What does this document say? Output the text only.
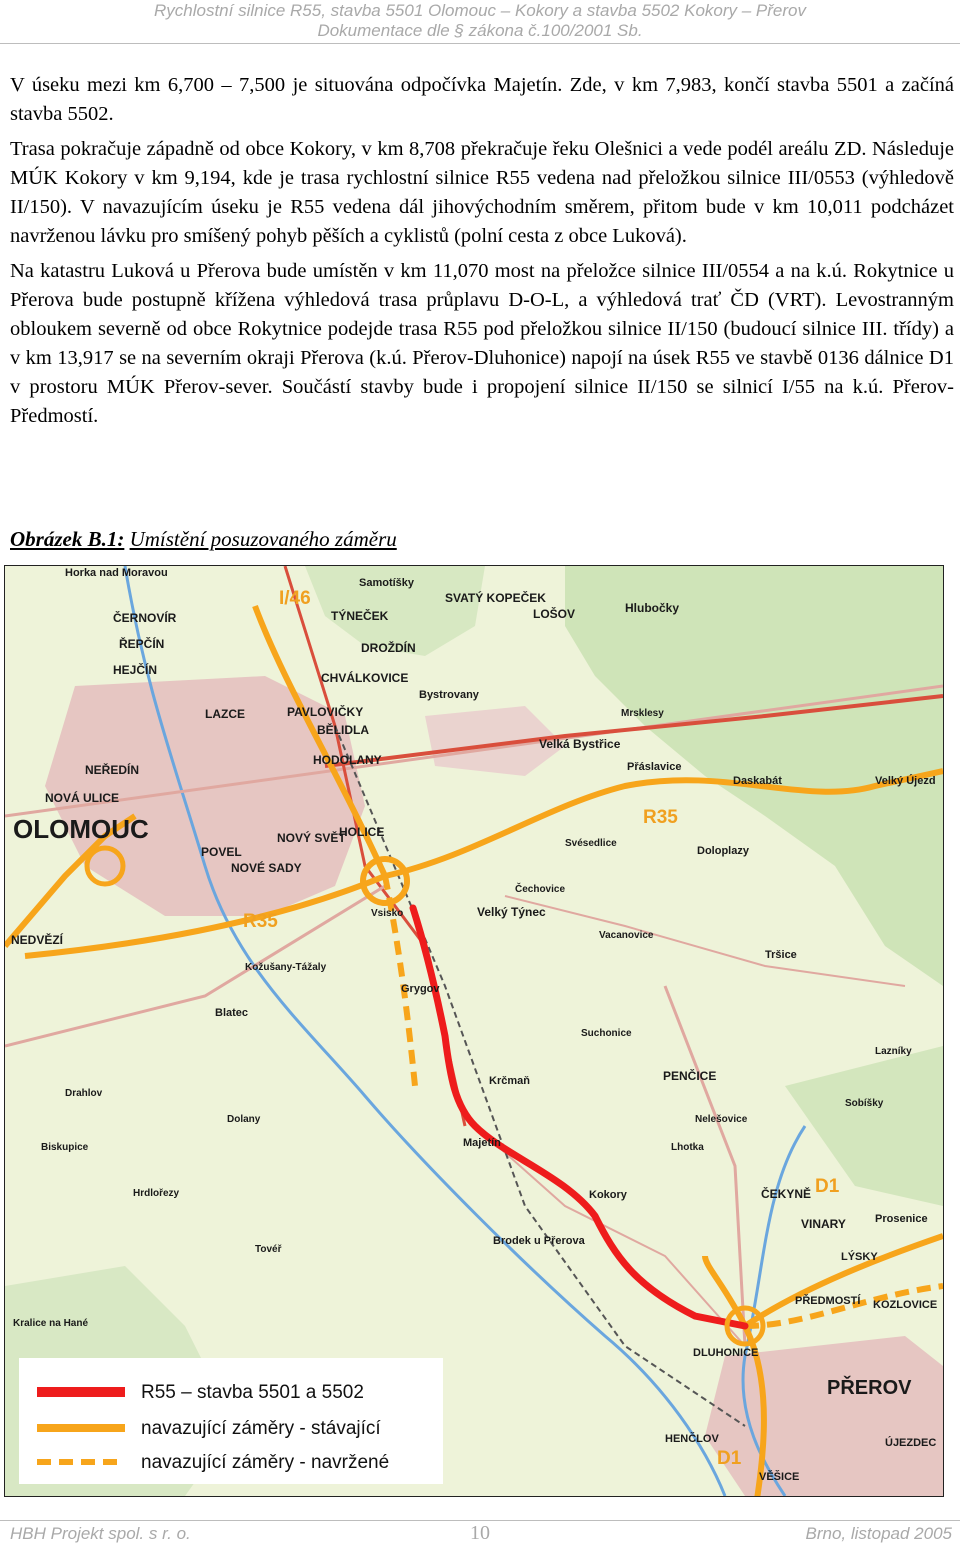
Rychlostní silnice R55, stavba 5501 Olomouc – Kokory a stavba 5502 Kokory – Přerov
Dokumentace dle § zákona č.100/2001 Sb.

V úseku mezi km 6,700 – 7,500 je situována odpočívka Majetín. Zde, v km 7,983, končí stavba 5501 a začíná stavba 5502.

Trasa pokračuje západně od obce Kokory, v km 8,708 překračuje řeku Olešnici a vede podél areálu ZD. Následuje MÚK Kokory v km 9,194, kde je trasa rychlostní silnice R55 vedena nad přeložkou silnice III/0553 (výhledově II/150). V navazujícím úseku je R55 vedena dál jihovýchodním směrem, přitom bude v km 10,011 podcházet navrženou lávku pro smíšený pohyb pěších a cyklistů (polní cesta z obce Luková).

Na katastru Luková u Přerova bude umístěn v km 11,070 most na přeložce silnice III/0554 a na k.ú. Rokytnice u Přerova bude postupně křížena výhledová trasa průplavu D-O-L, a výhledová trať ČD (VRT). Levostranným obloukem severně od obce Rokytnice podejde trasa R55 pod přeložkou silnice II/150 (budoucí silnice III. třídy) a v km 13,917 se na severním okraji Přerova (k.ú. Přerov-Dluhonice) napojí na úsek R55 ve stavbě 0136 dálnice D1 v prostoru MÚK Přerov-sever. Součástí stavby bude i propojení silnice II/150 se silnicí I/55 na k.ú. Přerov-Předmostí.

Obrázek B.1: Umístění posuzovaného záměru
I/46
R35
R35
D1
D1
OLOMOUC
Horka nad Moravou
ČERNOVÍR
ŘEPČÍN
HEJČÍN
LAZCE
NEŘEDÍN
NOVÁ ULICE
NEDVĚZÍ
POVEL
NOVÉ SADY
NOVÝ SVĚT
HOLICE
PAVLOVIČKY
BĚLIDLA
HODOLANY
CHVÁLKOVICE
DROŽDÍN
TÝNEČEK
Samotíšky
SVATÝ KOPEČEK
LOŠOV	Hlubočky
Bystrovany
Velká Bystřice
Přáslavice
Daskabát	Velký Újezd
Doloplazy
Svésedlice
Velký Týnec
Vsisko
Čechovice
Vacanovice
Tršice
Kožušany-Tážaly
Grygov
Blatec
Suchonice
Krčmaň	PENČICE
Majetín
Kokory
Brodek u Přerova
Lhotka
ČEKYNĚ
VINARY	Prosenice
LÝSKY
PŘEDMOSTÍ KOZLOVICE
DLUHONICE
PŘEROV
HENČLOV
VĚŠICE
ÚJEZDEC
Kralice na Hané
Biskupice
Hrdlořezy
Tovéř
Dolany
Mrsklesy
Lazníky
Sobíšky
Nelešovice
Drahlov
R55 – stavba 5501 a 5502
navazující záměry - stávající
navazující záměry - navržené
HBH Projekt spol. s r. o.	10	Brno, listopad 2005
